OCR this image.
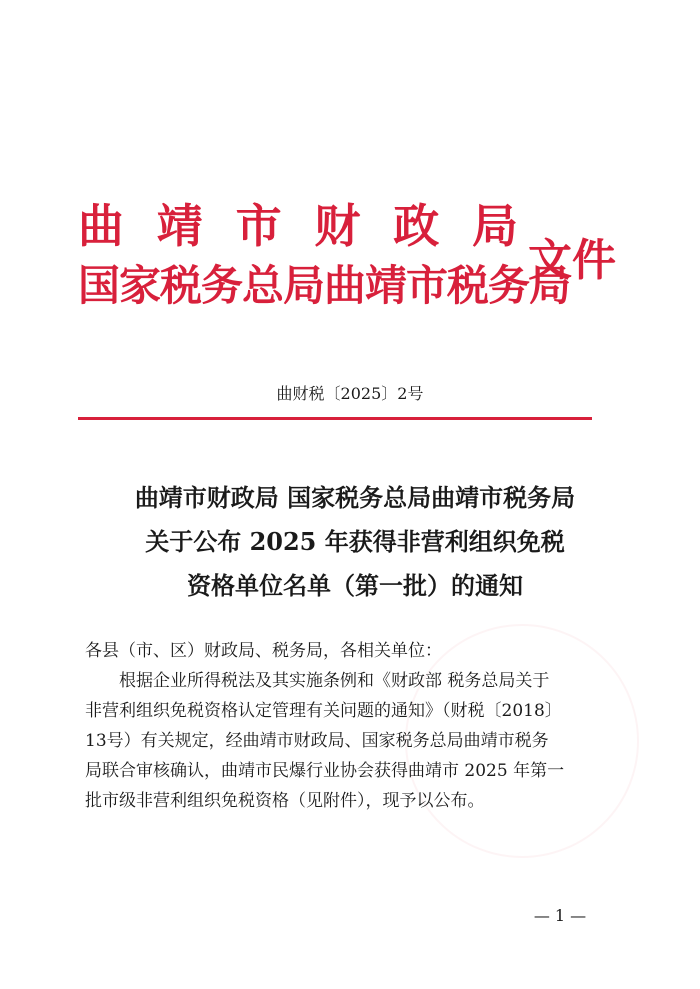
曲 靖 市 财 政 局
国家税务总局曲靖市税务局
文件
曲财税〔2025〕2号
曲靖市财政局 国家税务总局曲靖市税务局
关于公布 2025 年获得非营利组织免税
资格单位名单（第一批）的通知

各县（市、区）财政局、税务局，各相关单位：

根据企业所得税法及其实施条例和《财政部 税务总局关于

非营利组织免税资格认定管理有关问题的通知》（财税〔2018〕

13号）有关规定，经曲靖市财政局、国家税务总局曲靖市税务

局联合审核确认，曲靖市民爆行业协会获得曲靖市 2025 年第一

批市级非营利组织免税资格（见附件），现予以公布。

— 1 —
